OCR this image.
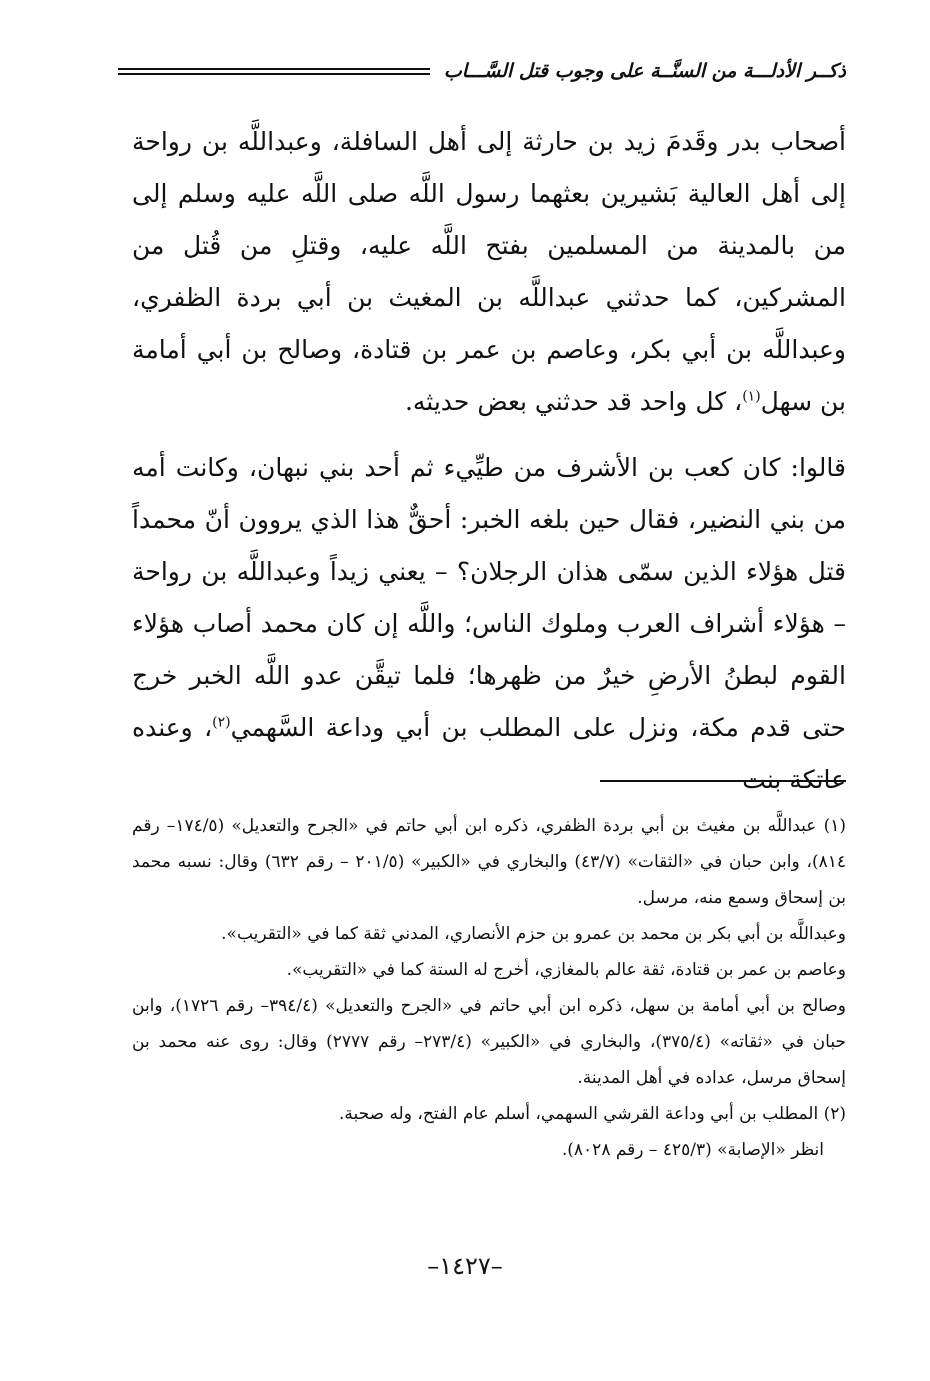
ذكــر الأدلـــة من السنَّــة على وجوب قتل السَّـــاب

أصحاب بدر وقَدمَ زيد بن حارثة إلى أهل السافلة، وعبداللَّه بن رواحة إلى أهل العالية بَشيرين بعثهما رسول اللَّه صلى اللَّه عليه وسلم إلى من بالمدينة من المسلمين بفتح اللَّه عليه، وقتلِ من قُتل من المشركين، كما حدثني عبداللَّه بن المغيث بن أبي بردة الظفري، وعبداللَّه بن أبي بكر، وعاصم بن عمر بن قتادة، وصالح بن أبي أمامة بن سهل$^{(١)}$، كل واحد قد حدثني بعض حديثه.

قالوا: كان كعب بن الأشرف من طيِّيء ثم أحد بني نبهان، وكانت أمه من بني النضير، فقال حين بلغه الخبر: أحقٌّ هذا الذي يروون أنّ محمداً قتل هؤلاء الذين سمّى هذان الرجلان؟ – يعني زيداً وعبداللَّه بن رواحة – هؤلاء أشراف العرب وملوك الناس؛ واللَّه إن كان محمد أصاب هؤلاء القوم لبطنُ الأرضِ خيرٌ من ظهرها؛ فلما تيقَّن عدو اللَّه الخبر خرج حتى قدم مكة، ونزل على المطلب بن أبي وداعة السَّهمي$^{(٢)}$، وعنده عاتكة بنت

(١) عبداللَّه بن مغيث بن أبي بردة الظفري، ذكره ابن أبي حاتم في «الجرح والتعديل» (١٧٤/٥– رقم ٨١٤)، وابن حبان في «الثقات» (٤٣/٧) والبخاري في «الكبير» (٢٠١/٥ – رقم ٦٣٢) وقال: نسبه محمد بن إسحاق وسمع منه، مرسل.

وعبداللَّه بن أبي بكر بن محمد بن عمرو بن حزم الأنصاري، المدني ثقة كما في «التقريب».

وعاصم بن عمر بن قتادة، ثقة عالم بالمغازي، أخرج له الستة كما في «التقريب».

وصالح بن أبي أمامة بن سهل، ذكره ابن أبي حاتم في «الجرح والتعديل» (٣٩٤/٤– رقم ١٧٢٦)، وابن حبان في «ثقاته» (٣٧٥/٤)، والبخاري في «الكبير» (٢٧٣/٤– رقم ٢٧٧٧) وقال: روى عنه محمد بن إسحاق مرسل، عداده في أهل المدينة.

(٢) المطلب بن أبي وداعة القرشي السهمي، أسلم عام الفتح، وله صحبة.

انظر «الإصابة» (٤٢٥/٣ – رقم ٨٠٢٨).

–١٤٢٧–
